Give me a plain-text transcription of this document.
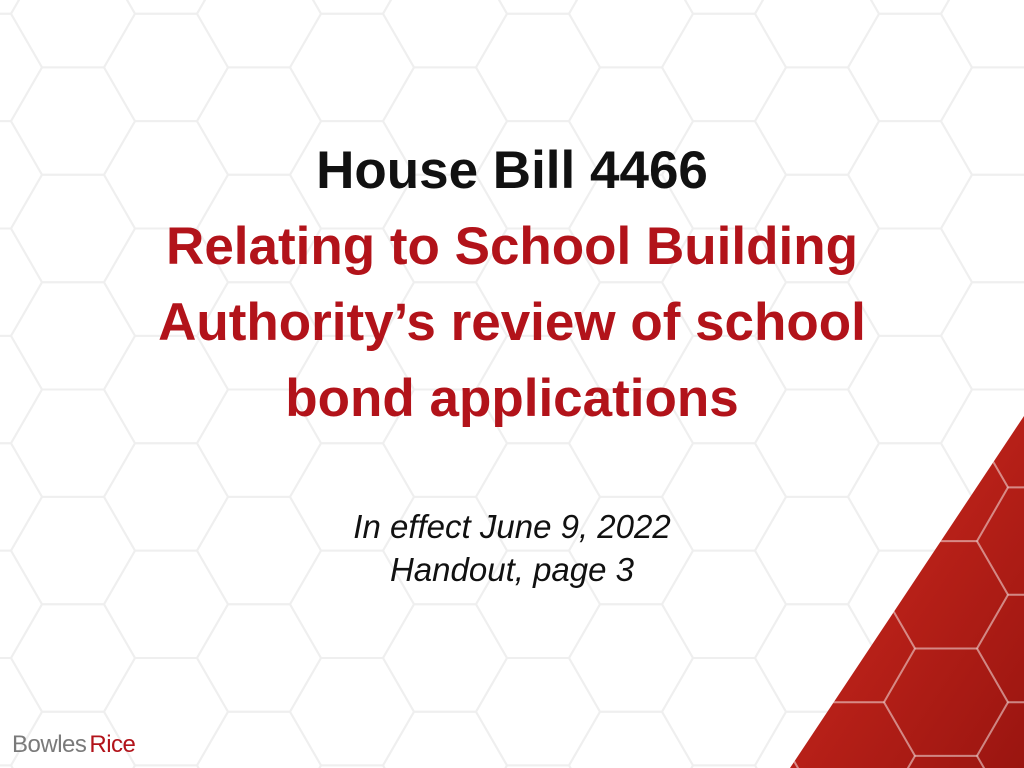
House Bill 4466
Relating to School Building
Authority’s review of school
bond applications
In effect June 9, 2022
Handout, page 3
Bowles Rice
